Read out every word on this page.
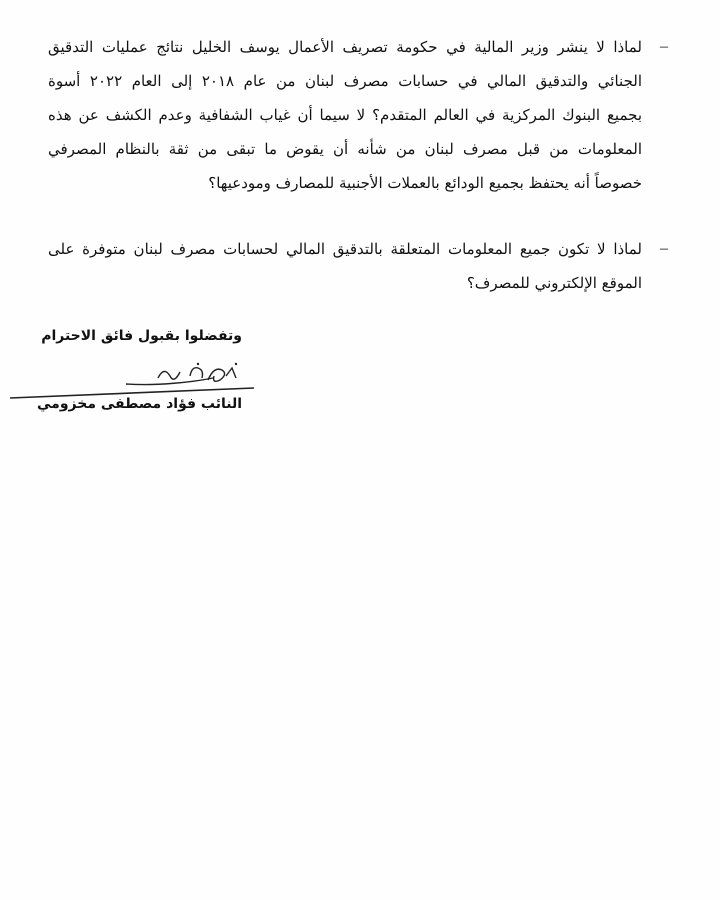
–
لماذا لا ينشر وزير المالية في حكومة تصريف الأعمال يوسف الخليل نتائج عمليات التدقيق
الجنائي والتدقيق المالي في حسابات مصرف لبنان من عام ٢٠١٨ إلى العام ٢٠٢٢ أسوة
بجميع البنوك المركزية في العالم المتقدم؟ لا سيما أن غياب الشفافية وعدم الكشف عن هذه
المعلومات من قبل مصرف لبنان من شأنه أن يقوض ما تبقى من ثقة بالنظام المصرفي
خصوصاً أنه يحتفظ بجميع الودائع بالعملات الأجنبية للمصارف ومودعيها؟
–
لماذا لا تكون جميع المعلومات المتعلقة بالتدقيق المالي لحسابات مصرف لبنان متوفرة على
الموقع الإلكتروني للمصرف؟
وتفضلوا بقبول فائق الاحترام
النائب فؤاد مصطفى مخزومي
